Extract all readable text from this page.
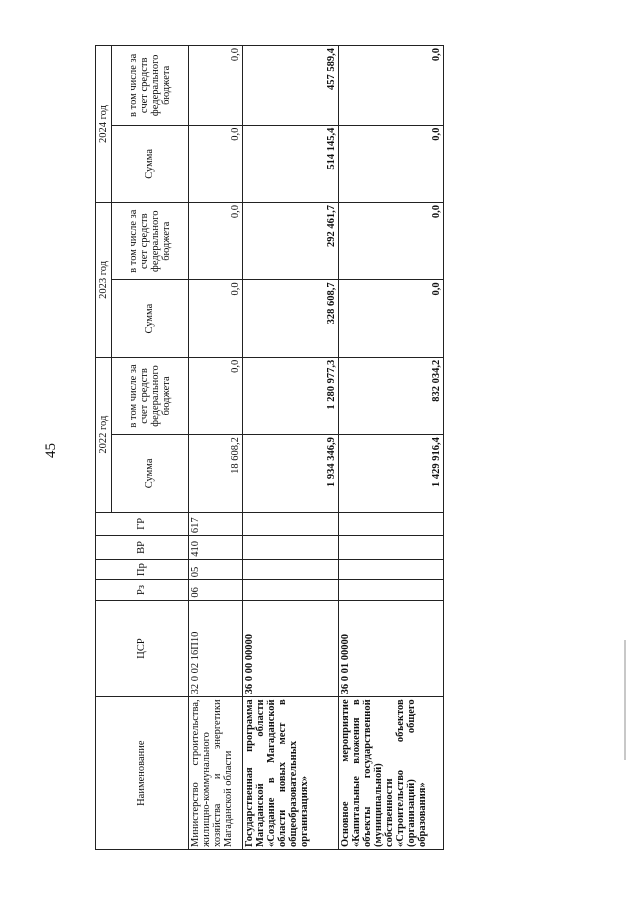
45
Наименование	ЦСР	Рз	Пр	ВР	ГР	2022 год		2023 год		2024 год	
						Сумма	в том числе за счет средств федерального бюджета	Сумма	в том числе за счет средств федерального бюджета	Сумма	в том числе за счет средств федерального бюджета
Министерство строительства, жилищно-коммунального хозяйства и энергетики Магаданской области	32 0 02 16П10	06	05	410	617	18 608,2	0,0	0,0	0,0	0,0	0,0
Государственная программа Магаданской области «Создание в Магаданской области новых мест в общеобразовательных организациях»	36 0 00 00000					1 934 346,9	1 280 977,3	328 608,7	292 461,7	514 145,4	457 589,4
Основное мероприятие «Капитальные вложения в объекты государственной (муниципальной) собственности «Строительство объектов (организаций) общего образования»	36 0 01 00000					1 429 916,4	832 034,2	0,0	0,0	0,0	0,0
